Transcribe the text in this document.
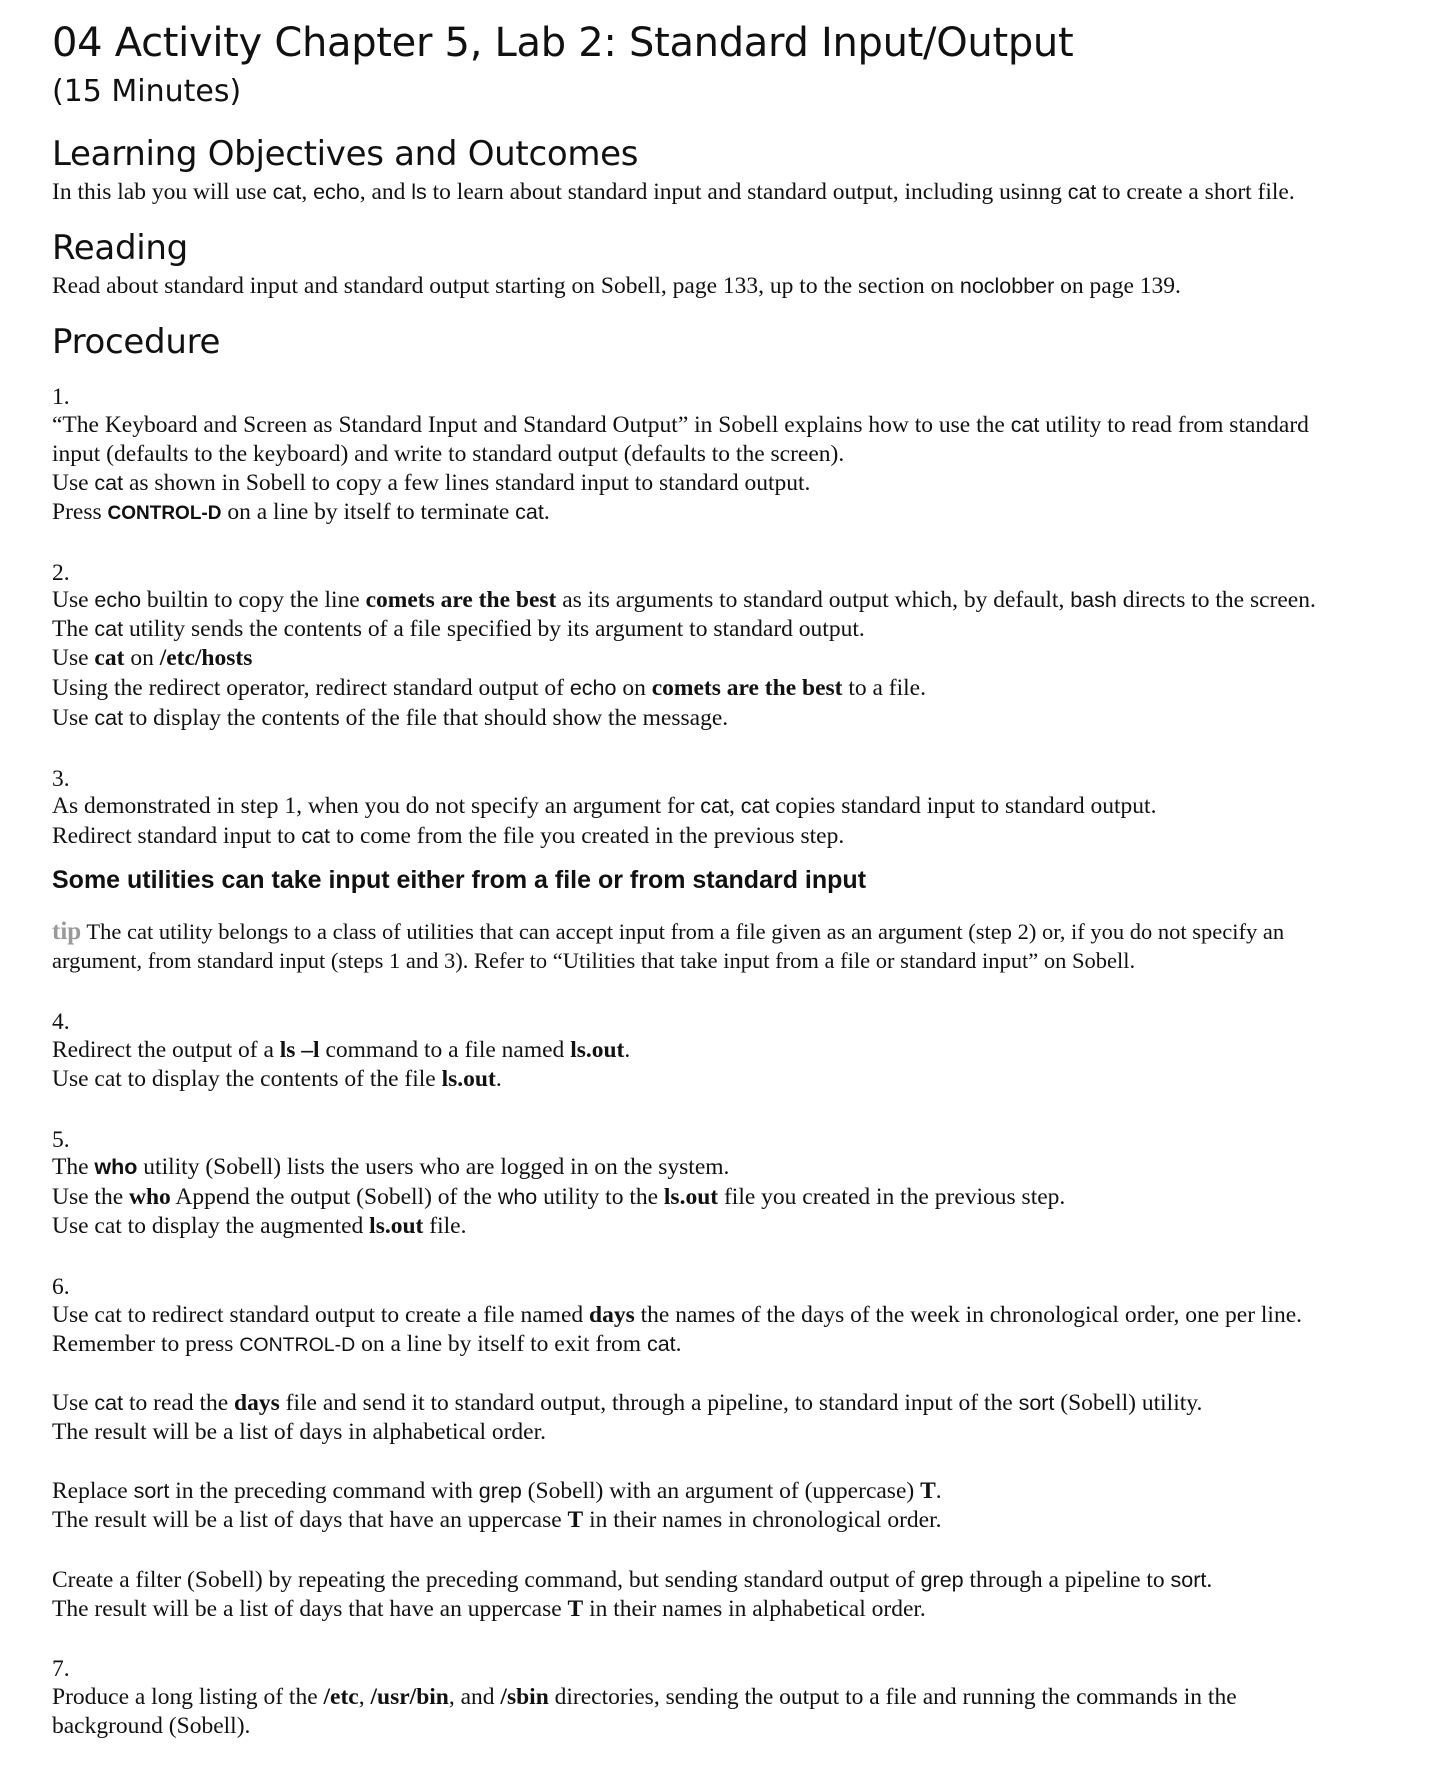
04 Activity Chapter 5, Lab 2: Standard Input/Output
(15 Minutes)
Learning Objectives and Outcomes
In this lab you will use cat, echo, and ls to learn about standard input and standard output, including usinng cat to create a short file.
Reading
Read about standard input and standard output starting on Sobell, page 133, up to the section on noclobber on page 139.
Procedure
1.
“The Keyboard and Screen as Standard Input and Standard Output” in Sobell explains how to use the cat utility to read from standard
input (defaults to the keyboard) and write to standard output (defaults to the screen).
Use cat as shown in Sobell to copy a few lines standard input to standard output.
Press CONTROL-D on a line by itself to terminate cat.
2.
Use echo builtin to copy the line comets are the best as its arguments to standard output which, by default, bash directs to the screen.
The cat utility sends the contents of a file specified by its argument to standard output.
Use cat on /etc/hosts
Using the redirect operator, redirect standard output of echo on comets are the best to a file.
Use cat to display the contents of the file that should show the message.
3.
As demonstrated in step 1, when you do not specify an argument for cat, cat copies standard input to standard output.
Redirect standard input to cat to come from the file you created in the previous step.
Some utilities can take input either from a file or from standard input
tip The cat utility belongs to a class of utilities that can accept input from a file given as an argument (step 2) or, if you do not specify an
argument, from standard input (steps 1 and 3). Refer to “Utilities that take input from a file or standard input” on Sobell.
4.
Redirect the output of a ls –l command to a file named ls.out.
Use cat to display the contents of the file ls.out.
5.
The who utility (Sobell) lists the users who are logged in on the system.
Use the who Append the output (Sobell) of the who utility to the ls.out file you created in the previous step.
Use cat to display the augmented ls.out file.
6.
Use cat to redirect standard output to create a file named days the names of the days of the week in chronological order, one per line.
Remember to press CONTROL-D on a line by itself to exit from cat.
Use cat to read the days file and send it to standard output, through a pipeline, to standard input of the sort (Sobell) utility.
The result will be a list of days in alphabetical order.
Replace sort in the preceding command with grep (Sobell) with an argument of (uppercase) T.
The result will be a list of days that have an uppercase T in their names in chronological order.
Create a filter (Sobell) by repeating the preceding command, but sending standard output of grep through a pipeline to sort.
The result will be a list of days that have an uppercase T in their names in alphabetical order.
7.
Produce a long listing of the /etc, /usr/bin, and /sbin directories, sending the output to a file and running the commands in the
background (Sobell).
